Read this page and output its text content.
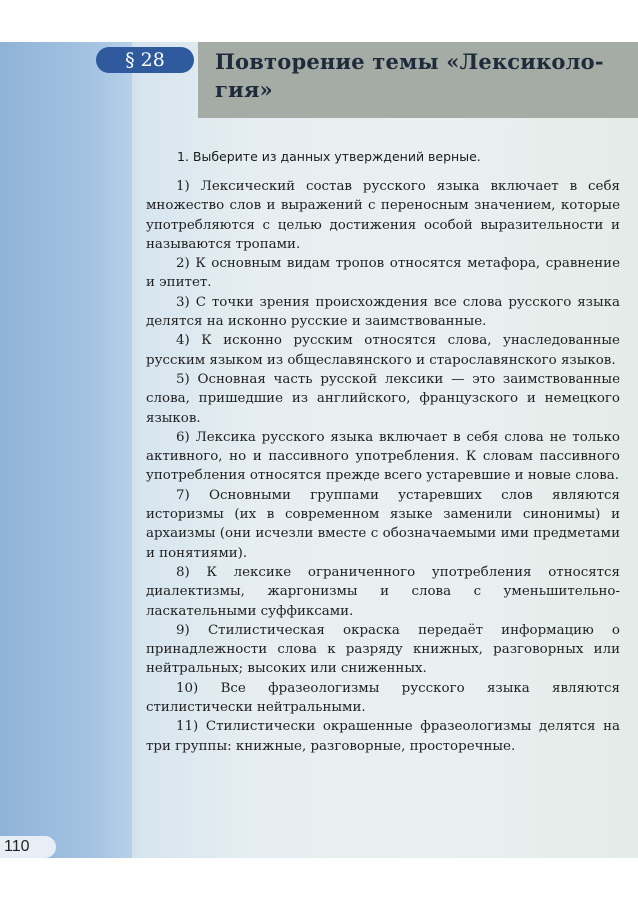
§ 28	Повторение темы «Лексикология»
1. Выберите из данных утверждений верные.

1) Лексический состав русского языка включает в себя множество слов и выражений с переносным значением, которые употребляются с целью достижения особой выразительности и называются тропами.

2) К основным видам тропов относятся метафора, сравнение и эпитет.

3) С точки зрения происхождения все слова русского языка делятся на исконно русские и заимствованные.

4) К исконно русским относятся слова, унаследованные русским языком из общеславянского и старославянского языков.

5) Основная часть русской лексики — это заимствованные слова, пришедшие из английского, французского и немецкого языков.

6) Лексика русского языка включает в себя слова не только активного, но и пассивного употребления. К словам пассивного употребления относятся прежде всего устаревшие и новые слова.

7) Основными группами устаревших слов являются историзмы (их в современном языке заменили синонимы) и архаизмы (они исчезли вместе с обозначаемыми ими предметами и понятиями).

8) К лексике ограниченного употребления относятся диалектизмы, жаргонизмы и слова с уменьшительно-ласкательными суффиксами.

9) Стилистическая окраска передаёт информацию о принадлежности слова к разряду книжных, разговорных или нейтральных; высоких или сниженных.

10) Все фразеологизмы русского языка являются стилистически нейтральными.

11) Стилистически окрашенные фразеологизмы делятся на три группы: книжные, разговорные, просторечные.

110
